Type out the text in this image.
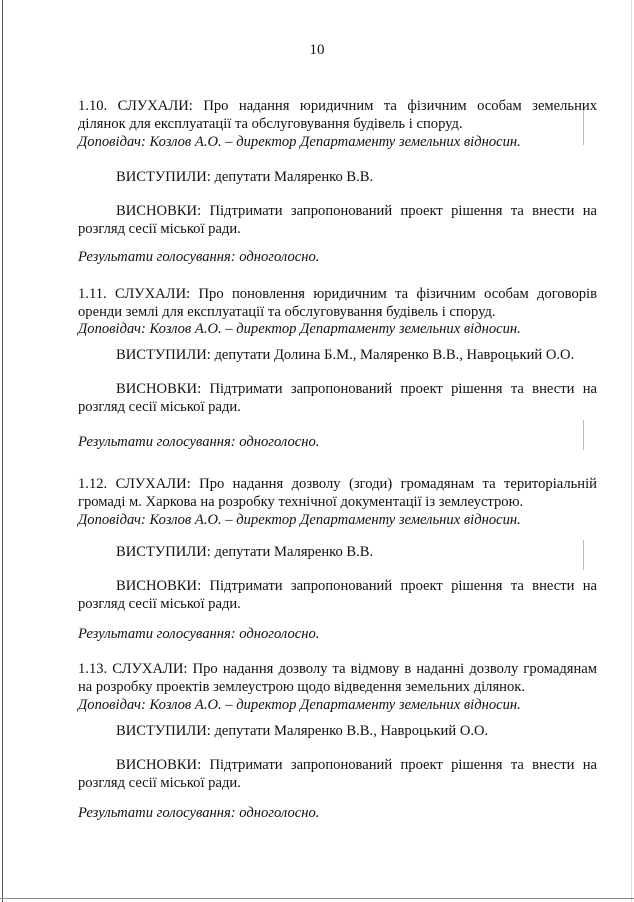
10
1.10. СЛУХАЛИ: Про надання юридичним та фізичним особам земельних
ділянок для експлуатації та обслуговування будівель і споруд.
Доповідач: Козлов А.О. – директор Департаменту земельних відносин.
ВИСТУПИЛИ: депутати Маляренко В.В.
ВИСНОВКИ: Підтримати запропонований проект рішення та внести на
розгляд сесії міської ради.
Результати голосування: одноголосно.
1.11. СЛУХАЛИ: Про поновлення юридичним та фізичним особам договорів
оренди землі для експлуатації та обслуговування будівель і споруд.
Доповідач: Козлов А.О. – директор Департаменту земельних відносин.
ВИСТУПИЛИ: депутати Долина Б.М., Маляренко В.В., Навроцький О.О.
ВИСНОВКИ: Підтримати запропонований проект рішення та внести на
розгляд сесії міської ради.
Результати голосування: одноголосно.
1.12. СЛУХАЛИ: Про надання дозволу (згоди) громадянам та територіальній
громаді м. Харкова на розробку технічної документації із землеустрою.
Доповідач: Козлов А.О. – директор Департаменту земельних відносин.
ВИСТУПИЛИ: депутати Маляренко В.В.
ВИСНОВКИ: Підтримати запропонований проект рішення та внести на
розгляд сесії міської ради.
Результати голосування: одноголосно.
1.13. СЛУХАЛИ: Про надання дозволу та відмову в наданні дозволу громадянам
на розробку проектів землеустрою щодо відведення земельних ділянок.
Доповідач: Козлов А.О. – директор Департаменту земельних відносин.
ВИСТУПИЛИ: депутати Маляренко В.В., Навроцький О.О.
ВИСНОВКИ: Підтримати запропонований проект рішення та внести на
розгляд сесії міської ради.
Результати голосування: одноголосно.
